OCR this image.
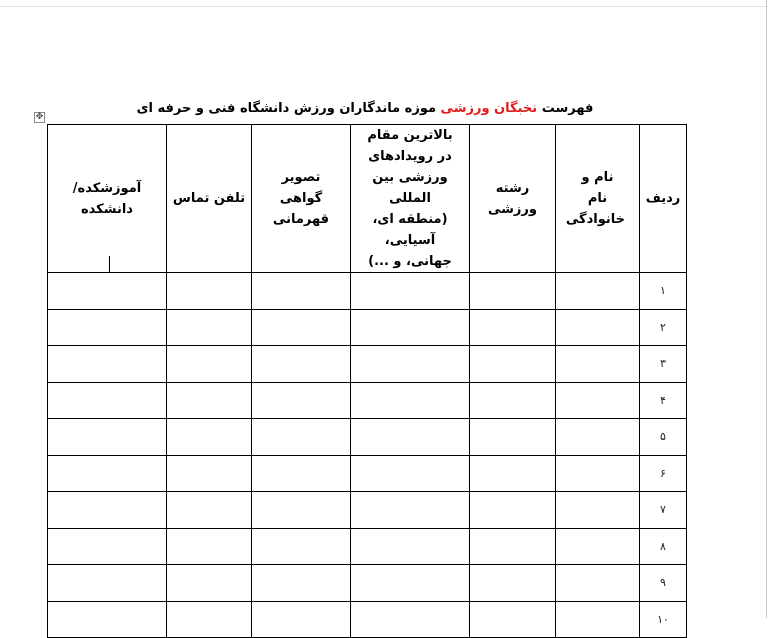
فهرست نخبگان ورزشی موزه ماندگاران ورزش دانشگاه فنی و حرفه ای
✥
ردیف	نام و نام خانوادگی	رشته ورزشی	بالاترین مقام در رویدادهای ورزشی بین المللی (منطقه ای، آسیایی، جهانی، و ...)	تصویر گواهی قهرمانی	تلفن تماس	آموزشکده/دانشکده
۱						
۲						
۳						
۴						
۵						
۶						
۷						
۸						
۹						
۱۰						
